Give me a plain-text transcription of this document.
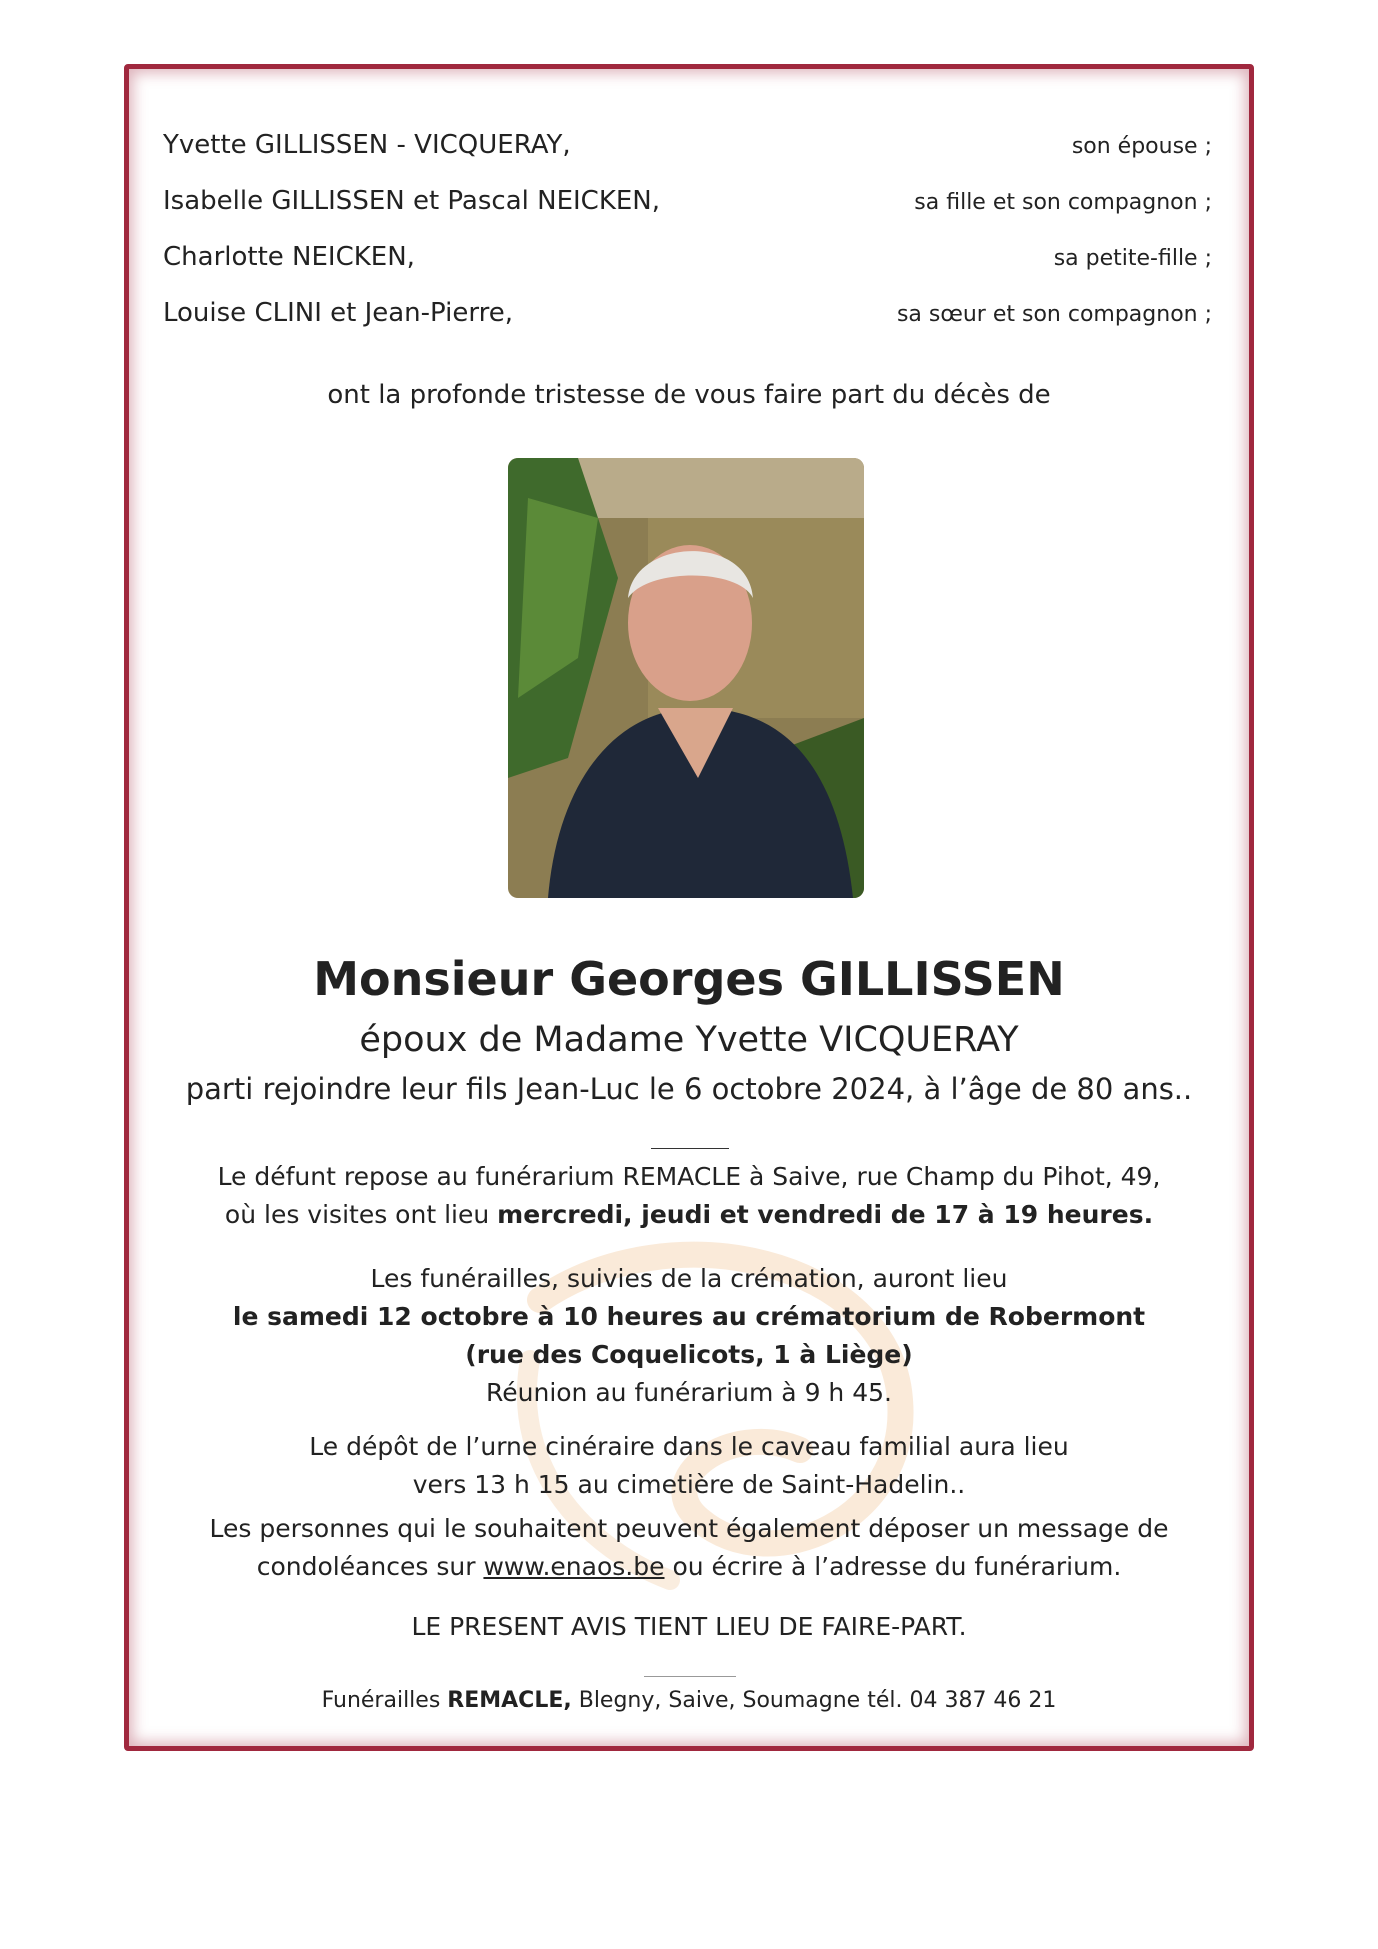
Yvette GILLISSEN - VICQUERAY,	son épouse ;
Isabelle GILLISSEN et Pascal NEICKEN,	sa fille et son compagnon ;
Charlotte NEICKEN,	sa petite-fille ;
Louise CLINI et Jean-Pierre,	sa sœur et son compagnon ;
ont la profonde tristesse de vous faire part du décès de
Monsieur Georges GILLISSEN
époux de Madame Yvette VICQUERAY
parti rejoindre leur fils Jean-Luc le 6 octobre 2024, à l’âge de 80 ans..
Le défunt repose au funérarium REMACLE à Saive, rue Champ du Pihot, 49,
où les visites ont lieu mercredi, jeudi et vendredi de 17 à 19 heures.
Les funérailles, suivies de la crémation, auront lieu
le samedi 12 octobre à 10 heures au crématorium de Robermont
(rue des Coquelicots, 1 à Liège)
Réunion au funérarium à 9 h 45.
Le dépôt de l’urne cinéraire dans le caveau familial aura lieu
vers 13 h 15 au cimetière de Saint-Hadelin..
Les personnes qui le souhaitent peuvent également déposer un message de
condoléances sur www.enaos.be ou écrire à l’adresse du funérarium.
LE PRESENT AVIS TIENT LIEU DE FAIRE-PART.
Funérailles REMACLE, Blegny, Saive, Soumagne tél. 04 387 46 21
